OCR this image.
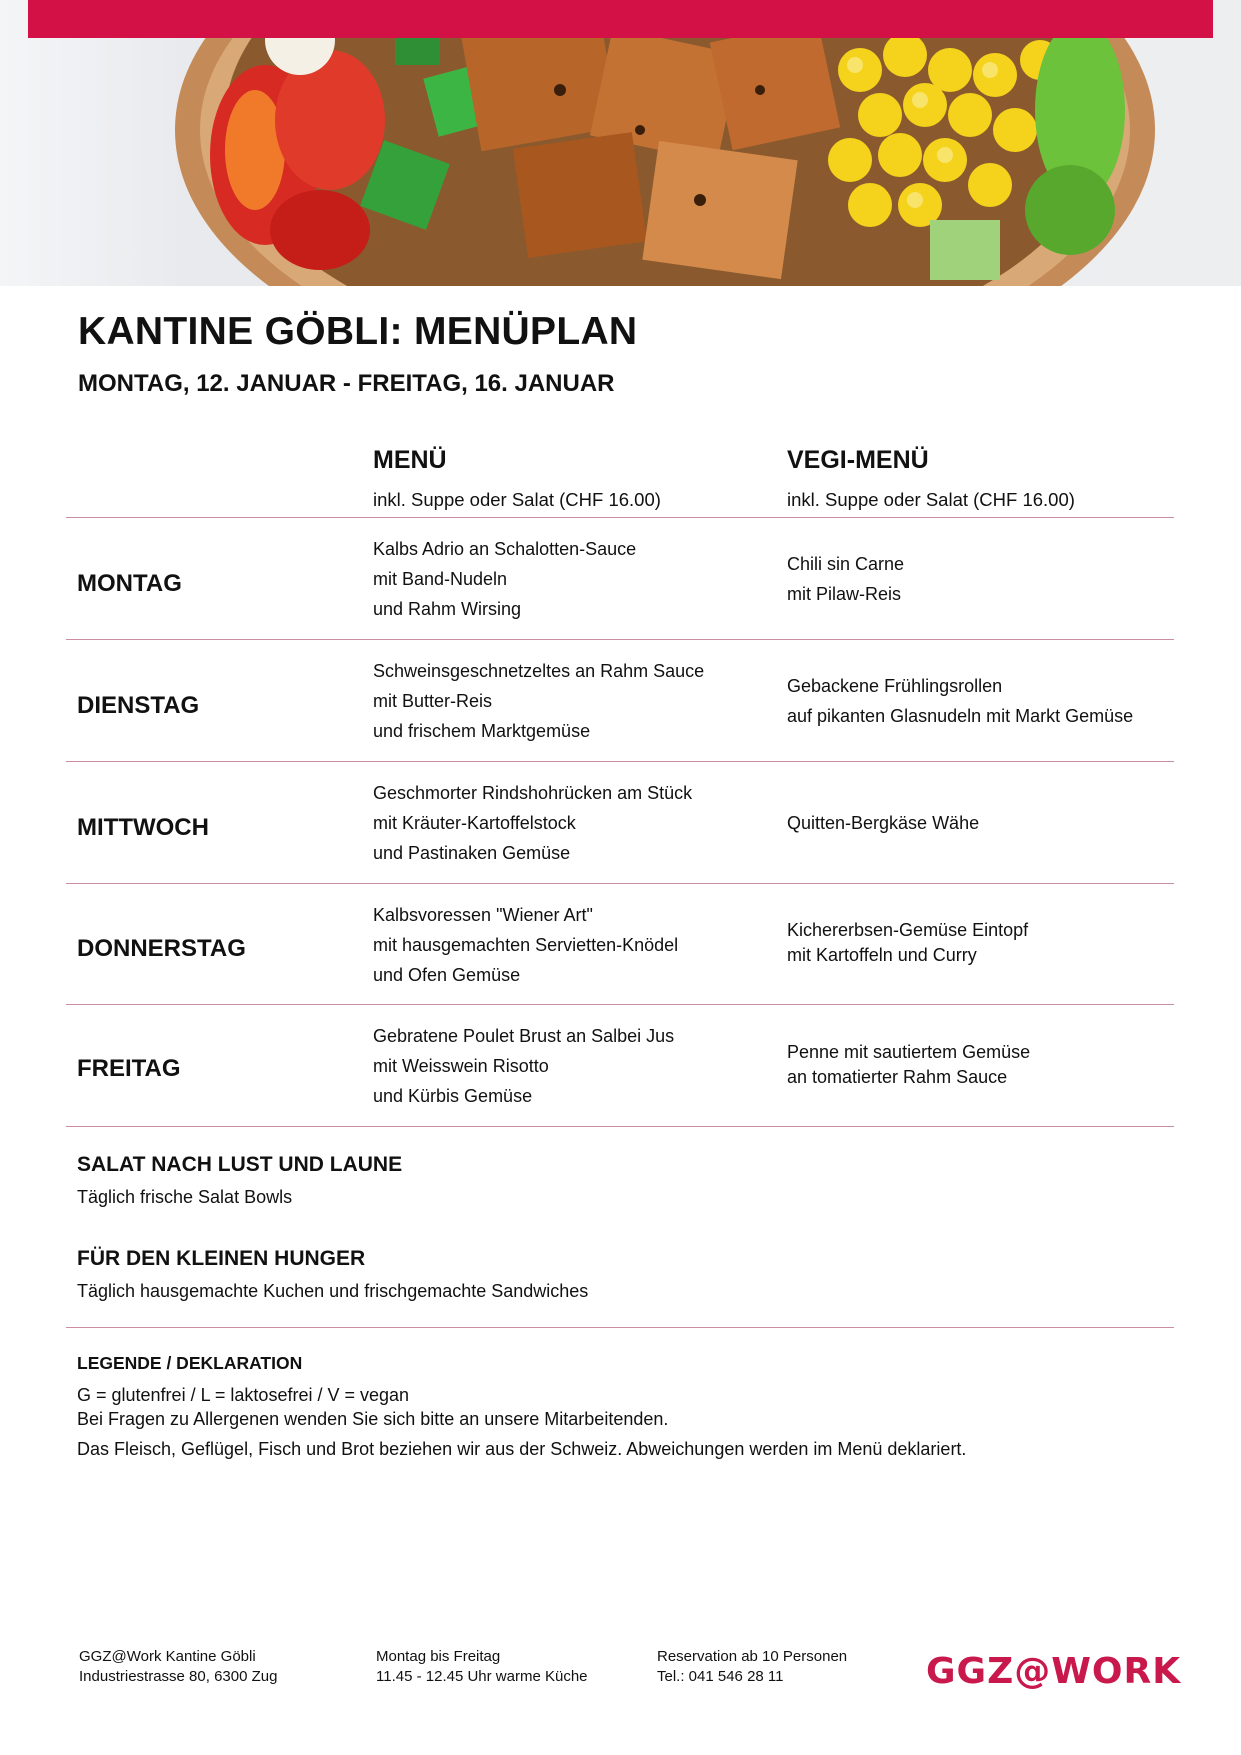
KANTINE GÖBLI: MENÜPLAN
MONTAG, 12. JANUAR - FREITAG, 16. JANUAR
MENÜ
inkl. Suppe oder Salat (CHF 16.00)
VEGI-MENÜ
inkl. Suppe oder Salat (CHF 16.00)
MONTAG
Kalbs Adrio an Schalotten-Sauce
mit Band-Nudeln
und Rahm Wirsing
Chili sin Carne
mit Pilaw-Reis
DIENSTAG
Schweinsgeschnetzeltes an Rahm Sauce
mit Butter-Reis
und frischem Marktgemüse
Gebackene Frühlingsrollen
auf pikanten Glasnudeln mit Markt Gemüse
MITTWOCH
Geschmorter Rindshohrücken am Stück
mit Kräuter-Kartoffelstock
und Pastinaken Gemüse
Quitten-Bergkäse Wähe
DONNERSTAG
Kalbsvoressen "Wiener Art"
mit hausgemachten Servietten-Knödel
und Ofen Gemüse
Kichererbsen-Gemüse Eintopf
mit Kartoffeln und Curry
FREITAG
Gebratene Poulet Brust an Salbei Jus
mit Weisswein Risotto
und Kürbis Gemüse
Penne mit sautiertem Gemüse
an tomatierter Rahm Sauce
SALAT NACH LUST UND LAUNE
Täglich frische Salat Bowls
FÜR DEN KLEINEN HUNGER
Täglich hausgemachte Kuchen und frischgemachte Sandwiches
LEGENDE / DEKLARATION
G = glutenfrei / L = laktosefrei / V = vegan
Bei Fragen zu Allergenen wenden Sie sich bitte an unsere Mitarbeitenden.
Das Fleisch, Geflügel, Fisch und Brot beziehen wir aus der Schweiz. Abweichungen werden im Menü deklariert.
GGZ@Work Kantine Göbli
Industriestrasse 80, 6300 Zug
Montag bis Freitag
11.45 - 12.45 Uhr warme Küche
Reservation ab 10 Personen
Tel.: 041 546 28 11	GGZ@WORK
